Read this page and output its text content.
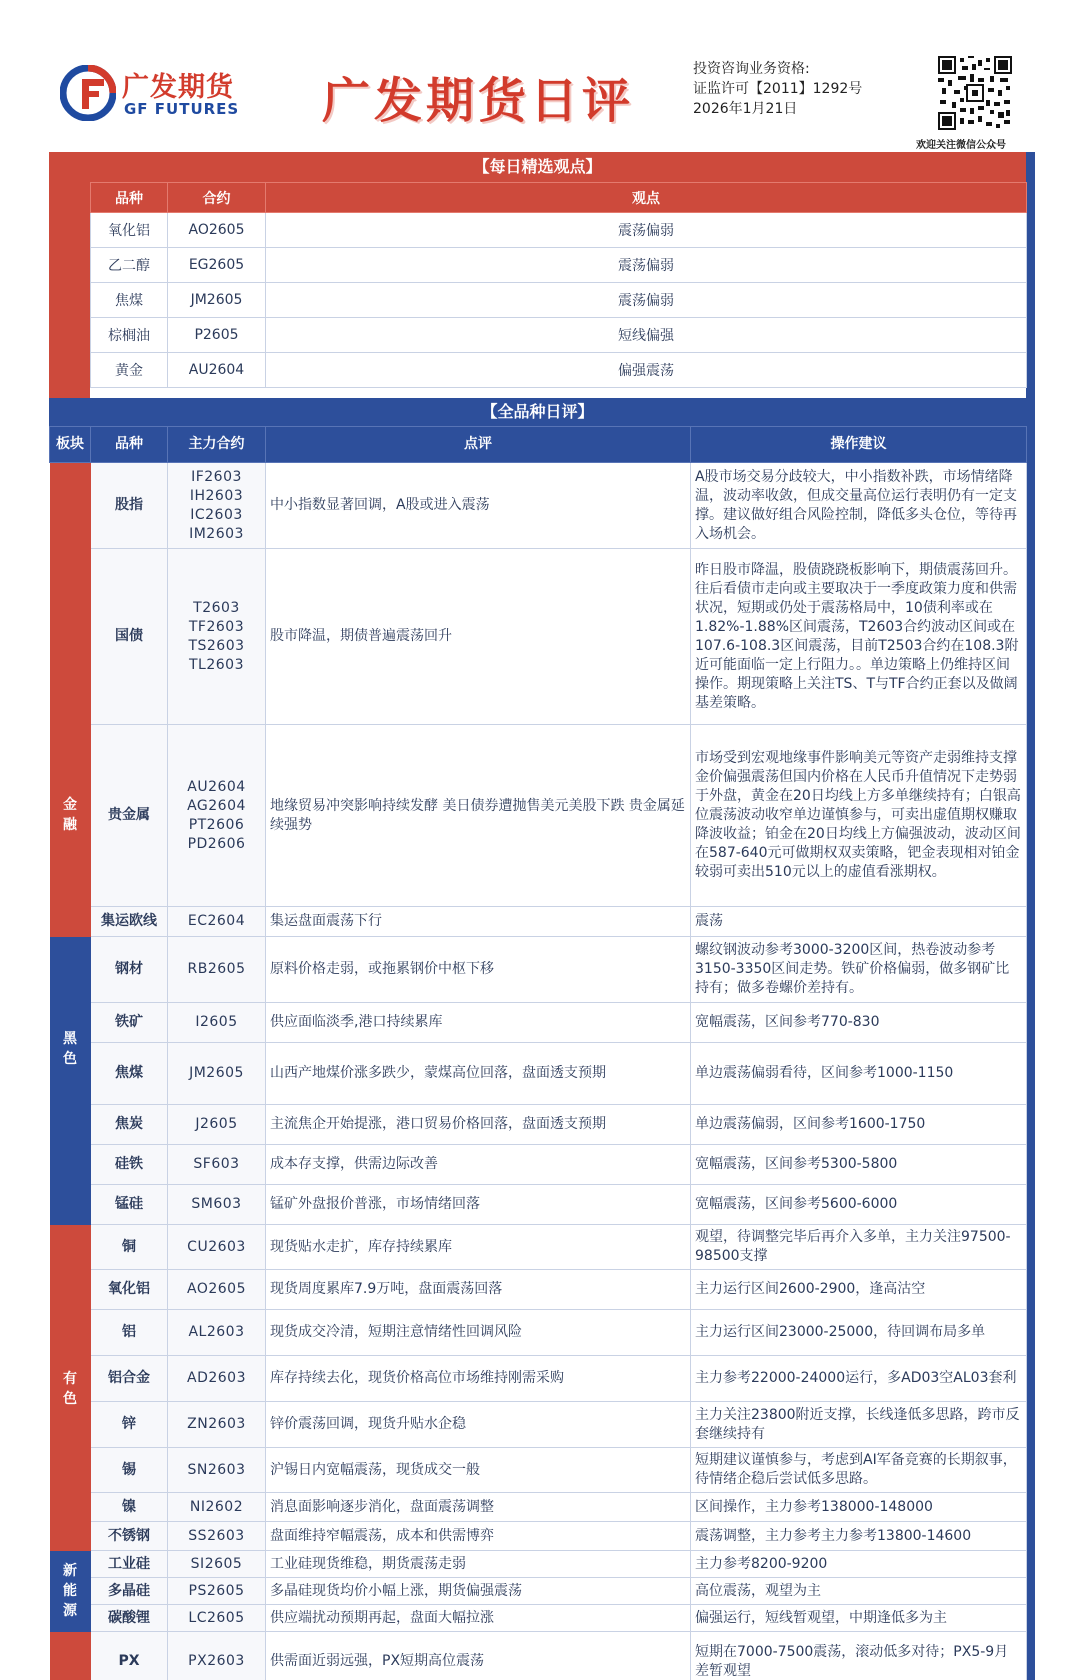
广发期货
GF FUTURES 广发期货日评
投资咨询业务资格:
证监许可【2011】1292号
2026年1月21日
欢迎关注微信公众号
【每日精选观点】
品种	合约	观点
氧化铝	AO2605	震荡偏弱
乙二醇	EG2605	震荡偏弱
焦煤	JM2605	震荡偏弱
棕榈油	P2605	短线偏强
黄金	AU2604	偏强震荡
【全品种日评】
板块	品种	主力合约	点评	操作建议
金
融	股指	IF2603
IH2603
IC2603
IM2603	中小指数显著回调，A股或进入震荡	A股市场交易分歧较大，中小指数补跌，市场情绪降温，波动率收敛，但成交量高位运行表明仍有一定支撑。建议做好组合风险控制，降低多头仓位，等待再入场机会。
	国债	T2603
TF2603
TS2603
TL2603	股市降温，期债普遍震荡回升	昨日股市降温，股债跷跷板影响下，期债震荡回升。往后看债市走向或主要取决于一季度政策力度和供需状况，短期或仍处于震荡格局中，10债利率或在1.82%-1.88%区间震荡，T2603合约波动区间或在107.6-108.3区间震荡，目前T2503合约在108.3附近可能面临一定上行阻力。。单边策略上仍维持区间操作。期现策略上关注TS、T与TF合约正套以及做阔基差策略。
	贵金属	AU2604
AG2604
PT2606
PD2606	地缘贸易冲突影响持续发酵 美日债券遭抛售美元美股下跌 贵金属延续强势	市场受到宏观地缘事件影响美元等资产走弱维持支撑金价偏强震荡但国内价格在人民币升值情况下走势弱于外盘，黄金在20日均线上方多单继续持有；白银高位震荡波动收窄单边谨慎参与，可卖出虚值期权赚取降波收益；铂金在20日均线上方偏强波动，波动区间在587-640元可做期权双卖策略，钯金表现相对铂金较弱可卖出510元以上的虚值看涨期权。
	集运欧线	EC2604	集运盘面震荡下行	震荡
黑
色	钢材	RB2605	原料价格走弱，或拖累钢价中枢下移	螺纹钢波动参考3000-3200区间，热卷波动参考3150-3350区间走势。铁矿价格偏弱，做多钢矿比持有；做多卷螺价差持有。
	铁矿	I2605	供应面临淡季,港口持续累库	宽幅震荡，区间参考770-830
	焦煤	JM2605	山西产地煤价涨多跌少，蒙煤高位回落，盘面透支预期	单边震荡偏弱看待，区间参考1000-1150
	焦炭	J2605	主流焦企开始提涨，港口贸易价格回落，盘面透支预期	单边震荡偏弱，区间参考1600-1750
	硅铁	SF603	成本存支撑，供需边际改善	宽幅震荡，区间参考5300-5800
	锰硅	SM603	锰矿外盘报价普涨，市场情绪回落	宽幅震荡，区间参考5600-6000
有
色	铜	CU2603	现货贴水走扩，库存持续累库	观望，待调整完毕后再介入多单，主力关注97500-98500支撑
	氧化铝	AO2605	现货周度累库7.9万吨，盘面震荡回落	主力运行区间2600-2900，逢高沽空
	铝	AL2603	现货成交冷清，短期注意情绪性回调风险	主力运行区间23000-25000，待回调布局多单
	铝合金	AD2603	库存持续去化，现货价格高位市场维持刚需采购	主力参考22000-24000运行，多AD03空AL03套利
	锌	ZN2603	锌价震荡回调，现货升贴水企稳	主力关注23800附近支撑，长线逢低多思路，跨市反套继续持有
	锡	SN2603	沪锡日内宽幅震荡，现货成交一般	短期建议谨慎参与，考虑到AI军备竞赛的长期叙事，待情绪企稳后尝试低多思路。
	镍	NI2602	消息面影响逐步消化，盘面震荡调整	区间操作，主力参考138000-148000
	不锈钢	SS2603	盘面维持窄幅震荡，成本和供需博弈	震荡调整，主力参考主力参考13800-14600
新
能
源	工业硅	SI2605	工业硅现货维稳，期货震荡走弱	主力参考8200-9200
	多晶硅	PS2605	多晶硅现货均价小幅上涨，期货偏强震荡	高位震荡，观望为主
	碳酸锂	LC2605	供应端扰动预期再起，盘面大幅拉涨	偏强运行，短线暂观望，中期逢低多为主
	PX	PX2603	供需面近弱远强，PX短期高位震荡	短期在7000-7500震荡，滚动低多对待；PX5-9月差暂观望
